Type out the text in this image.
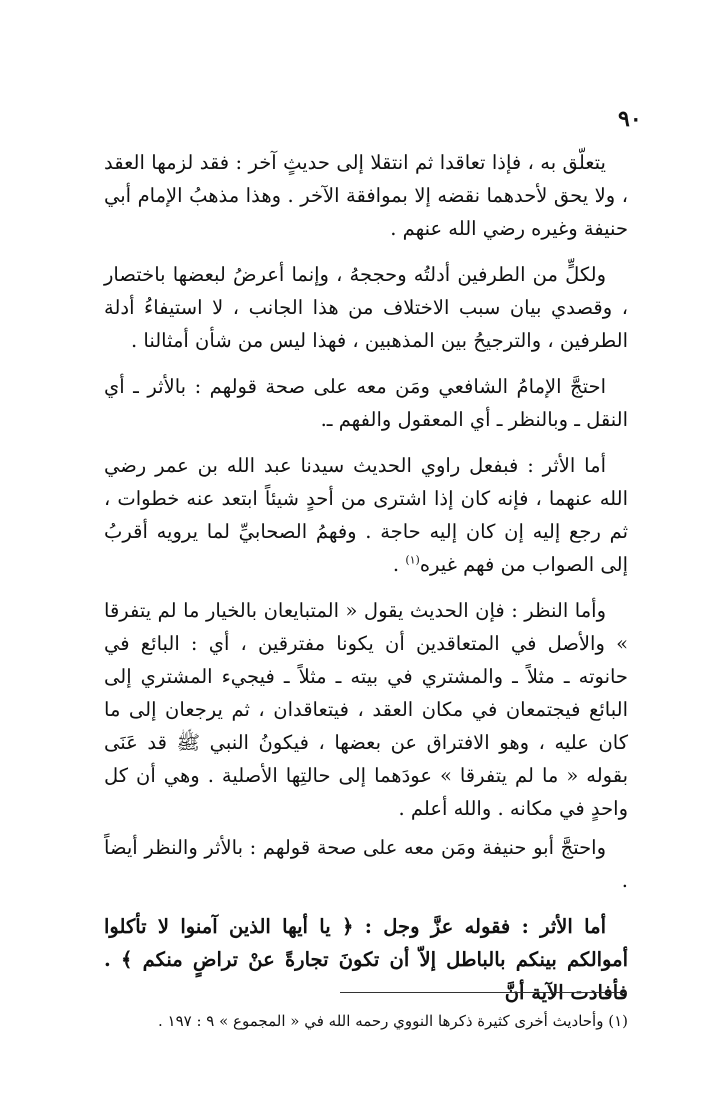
٩٠

يتعلّق به ، فإذا تعاقدا ثم انتقلا إلى حديثٍ آخر : فقد لزمها العقد ، ولا يحق لأحدهما نقضه إلا بموافقة الآخر . وهذا مذهبُ الإمام أبي حنيفة وغيره رضي الله عنهم .

ولكلٍّ من الطرفين أدلتُه وحججهُ ، وإنما أعرضُ لبعضها باختصار ، وقصدي بيان سبب الاختلاف من هذا الجانب ، لا استيفاءُ أدلة الطرفين ، والترجيحُ بين المذهبين ، فهذا ليس من شأن أمثالنا .

احتجَّ الإمامُ الشافعي ومَن معه على صحة قولهم : بالأثر ـ أي النقل ـ وبالنظر ـ أي المعقول والفهم ـ.

أما الأثر : فبفعل راوي الحديث سيدنا عبد الله بن عمر رضي الله عنهما ، فإنه كان إذا اشترى من أحدٍ شيئاً ابتعد عنه خطوات ، ثم رجع إليه إن كان إليه حاجة . وفهمُ الصحابيِّ لما يرويه أقربُ إلى الصواب من فهم غيره$^{(١)}$ .

وأما النظر : فإن الحديث يقول « المتبايعان بالخيار ما لم يتفرقا » والأصل في المتعاقدين أن يكونا مفترقين ، أي : البائع في حانوته ـ مثلاً ـ والمشتري في بيته ـ مثلاً ـ فيجيء المشتري إلى البائع فيجتمعان في مكان العقد ، فيتعاقدان ، ثم يرجعان إلى ما كان عليه ، وهو الافتراق عن بعضها ، فيكونُ النبي ﷺ قد عَنَى بقوله « ما لم يتفرقا » عودَهما إلى حالتِها الأصلية . وهي أن كل واحدٍ في مكانه . والله أعلم .

واحتجَّ أبو حنيفة ومَن معه على صحة قولهم : بالأثر والنظر أيضاً .

أما الأثر : فقوله عزَّ وجل : ﴿ يا أيها الذين آمنوا لا تأكلوا أموالكم بينكم بالباطل إلاّ أن تكونَ تجارةً عنْ تراضٍ منكم ﴾ . فأفادت الآية أنَّ

(١) وأحاديث أخرى كثيرة ذكرها النووي رحمه الله في « المجموع » ٩ : ١٩٧ .
